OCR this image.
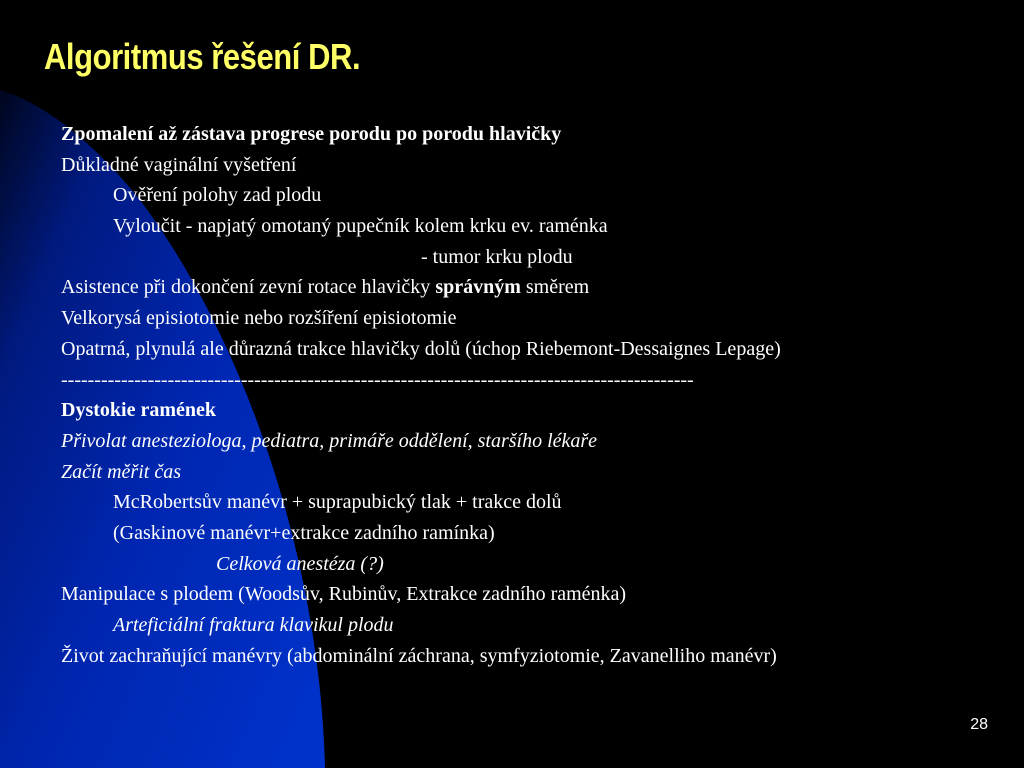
Algoritmus řešení DR.
Zpomalení až zástava progrese porodu po porodu hlavičky
Důkladné vaginální vyšetření
Ověření polohy zad plodu
Vyloučit - napjatý omotaný pupečník kolem krku ev. raménka
- tumor krku plodu
Asistence při dokončení zevní rotace hlavičky správným směrem
Velkorysá episiotomie nebo rozšíření episiotomie
Opatrná, plynulá ale důrazná trakce hlavičky dolů (úchop Riebemont-Dessaignes Lepage)
-----------------------------------------------------------------------------------------------
Dystokie ramének
Přivolat anesteziologa, pediatra, primáře oddělení, staršího lékaře
Začít měřit čas
McRobertsův manévr + suprapubický tlak + trakce dolů
(Gaskinové manévr+extrakce zadního ramínka)
Celková anestéza (?)
Manipulace s plodem (Woodsův, Rubinův, Extrakce zadního raménka)
Arteficiální fraktura klavikul plodu
Život zachraňující manévry (abdominální záchrana, symfyziotomie, Zavanelliho manévr)
28
